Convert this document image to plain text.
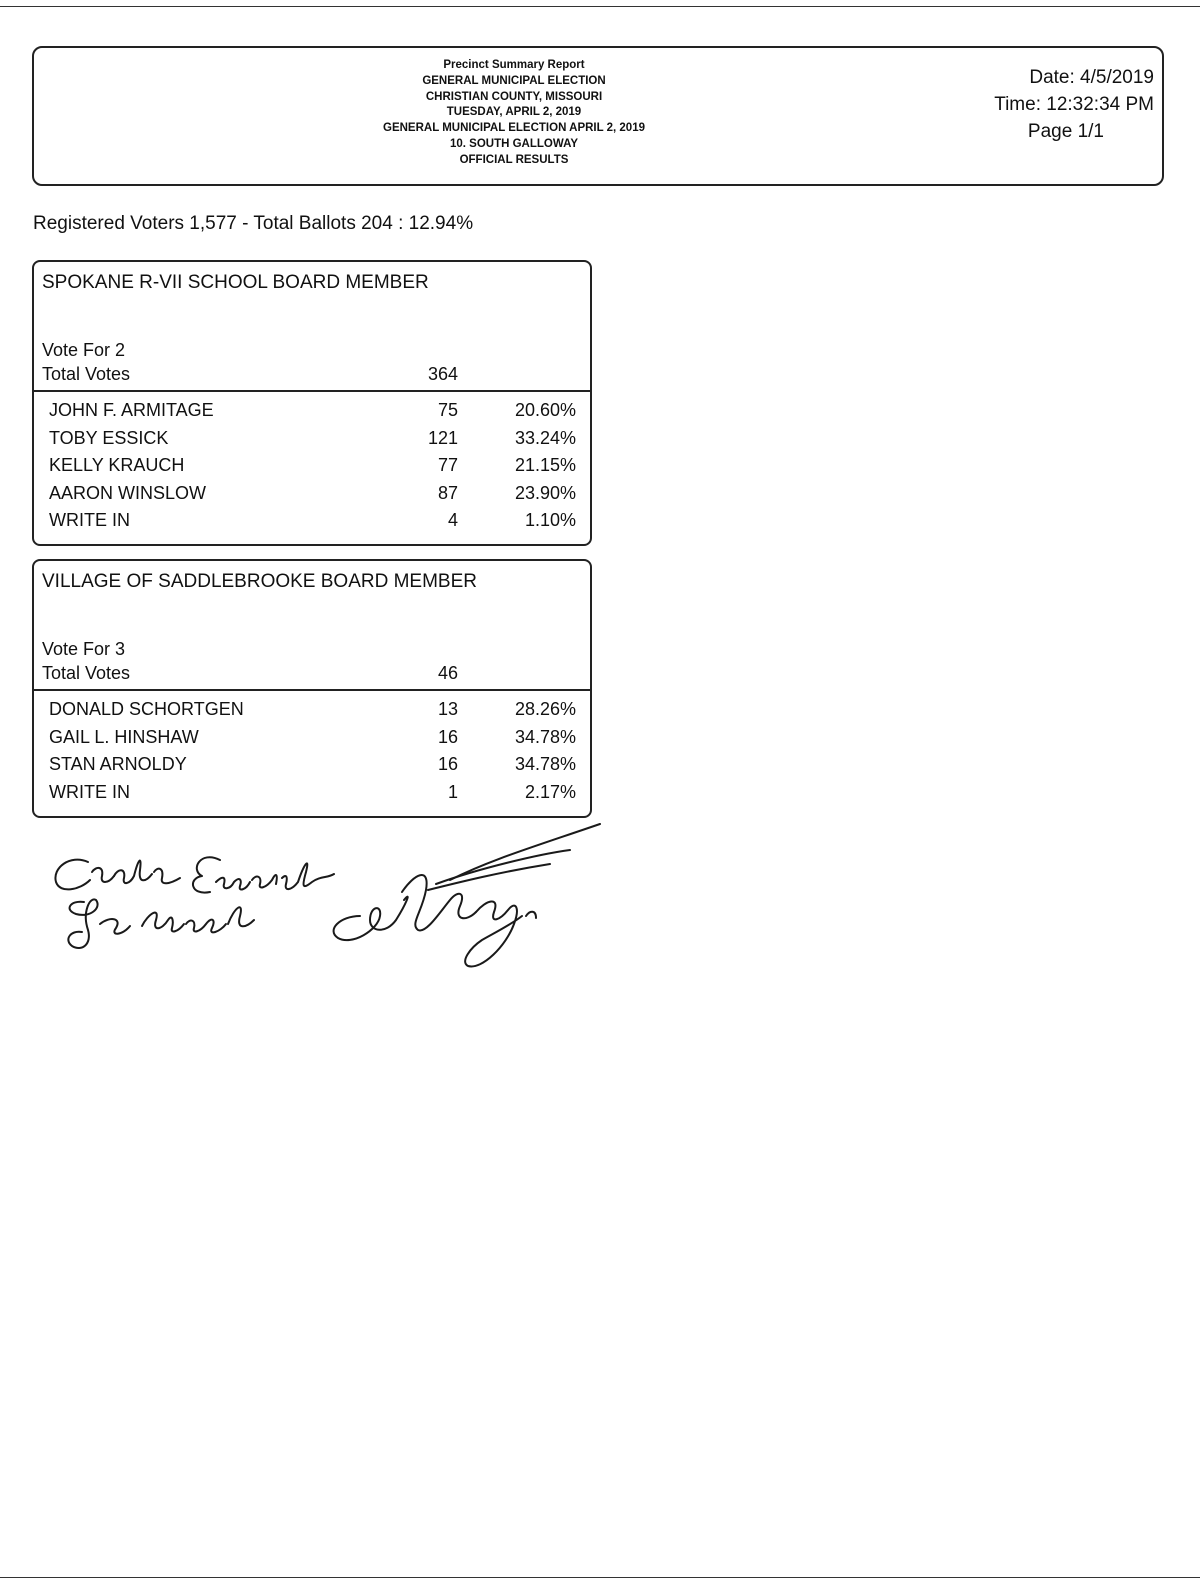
Precinct Summary Report
GENERAL MUNICIPAL ELECTION
CHRISTIAN COUNTY, MISSOURI
TUESDAY, APRIL 2, 2019
GENERAL MUNICIPAL ELECTION APRIL 2, 2019
10. SOUTH GALLOWAY
OFFICIAL RESULTS
Date: 4/5/2019
Time: 12:32:34 PM
Page 1/1
Registered Voters 1,577 - Total Ballots 204 : 12.94%
SPOKANE R-VII SCHOOL BOARD MEMBER
Vote For 2
Total Votes	364
JOHN F. ARMITAGE	75	20.60%
TOBY ESSICK	121	33.24%
KELLY KRAUCH	77	21.15%
AARON WINSLOW	87	23.90%
WRITE IN	4	1.10%
VILLAGE OF SADDLEBROOKE BOARD MEMBER
Vote For 3
Total Votes	46
DONALD SCHORTGEN	13	28.26%
GAIL L. HINSHAW	16	34.78%
STAN ARNOLDY	16	34.78%
WRITE IN	1	2.17%
